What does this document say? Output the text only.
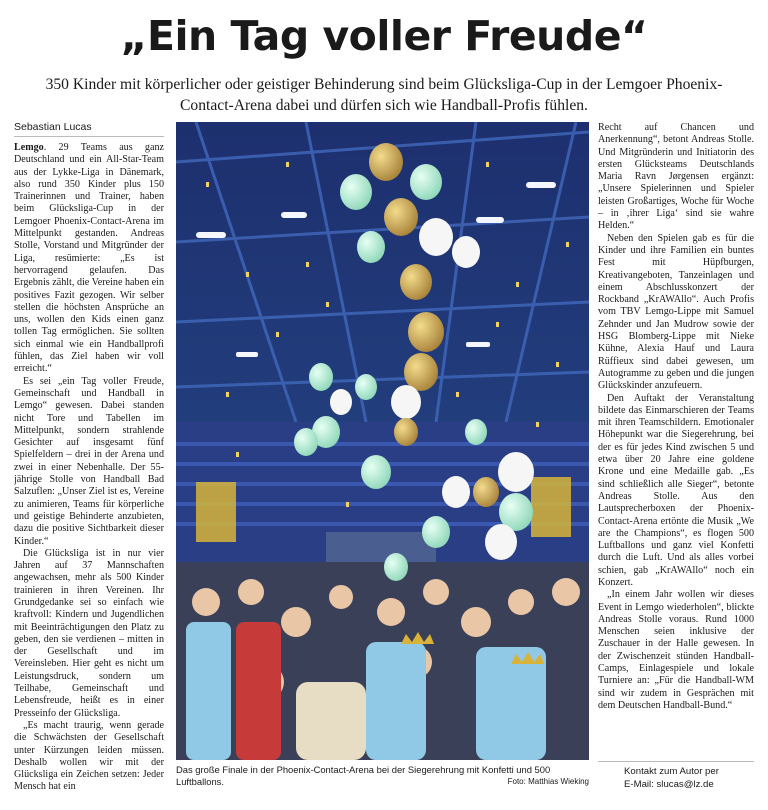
„Ein Tag voller Freude“

350 Kinder mit körperlicher oder geistiger Behinderung sind beim Glücksliga-Cup in der Lemgoer Phoenix-Contact-Arena dabei und dürfen sich wie Handball-Profis fühlen.

Sebastian Lucas

Lemgo. 29 Teams aus ganz Deutschland und ein All-Star-Team aus der Lykke-Liga in Dänemark, also rund 350 Kinder plus 150 Trainerinnen und Trainer, haben beim Glücksliga-Cup in der Lemgoer Phoenix-Contact-Arena im Mittelpunkt gestanden. Andreas Stolle, Vorstand und Mitgründer der Liga, resümierte: „Es ist hervorragend gelaufen. Das Ergebnis zählt, die Vereine haben ein positives Fazit gezogen. Wir selber stellen die höchsten Ansprüche an uns, wollen den Kids einen ganz tollen Tag ermöglichen. Sie sollten sich einmal wie ein Handballprofi fühlen, das Ziel haben wir voll erreicht.“

Es sei „ein Tag voller Freude, Gemeinschaft und Handball in Lemgo“ gewesen. Dabei standen nicht Tore und Tabellen im Mittelpunkt, sondern strahlende Gesichter auf insgesamt fünf Spielfeldern – drei in der Arena und zwei in einer Nebenhalle. Der 55-jährige Stolle von Handball Bad Salzuflen: „Unser Ziel ist es, Vereine zu animieren, Teams für körperliche und geistige Behinderte anzubieten, dazu die positive Sichtbarkeit dieser Kinder.“

Die Glücksliga ist in nur vier Jahren auf 37 Mannschaften angewachsen, mehr als 500 Kinder trainieren in ihren Vereinen. Ihr Grundgedanke sei so einfach wie kraftvoll: Kindern und Jugendlichen mit Beeinträchtigungen den Platz zu geben, den sie verdienen – mitten in der Gesellschaft und im Vereinsleben. Hier geht es nicht um Leistungsdruck, sondern um Teilhabe, Gemeinschaft und Lebensfreude, heißt es in einer Presseinfo der Glücksliga.

„Es macht traurig, wenn gerade die Schwächsten der Gesellschaft unter Kürzungen leiden müssen. Deshalb wollen wir mit der Glücksliga ein Zeichen setzen: Jeder Mensch hat ein

Das große Finale in der Phoenix-Contact-Arena bei der Siegerehrung mit Konfetti und 500 Luftballons.	Foto: Matthias Wieking

Recht auf Chancen und Anerkennung“, betont Andreas Stolle. Und Mitgründerin und Initiatorin des ersten Glücksteams Deutschlands Maria Ravn Jørgensen ergänzt: „Unsere Spielerinnen und Spieler leisten Großartiges, Woche für Woche – in ‚ihrer Liga‘ sind sie wahre Helden.“

Neben den Spielen gab es für die Kinder und ihre Familien ein buntes Fest mit Hüpfburgen, Kreativangeboten, Tanzeinlagen und einem Abschlusskonzert der Rockband „KrAWAllo“. Auch Profis vom TBV Lemgo-Lippe mit Samuel Zehnder und Jan Mudrow sowie der HSG Blomberg-Lippe mit Nieke Kühne, Alexia Hauf und Laura Rüffieux sind dabei gewesen, um Autogramme zu geben und die jungen Glückskinder anzufeuern.

Den Auftakt der Veranstaltung bildete das Einmarschieren der Teams mit ihren Teamschildern. Emotionaler Höhepunkt war die Siegerehrung, bei der es für jedes Kind zwischen 5 und etwa über 20 Jahre eine goldene Krone und eine Medaille gab. „Es sind schließlich alle Sieger“, betonte Andreas Stolle. Aus den Lautsprecherboxen der Phoenix-Contact-Arena ertönte die Musik „We are the Champions“, es flogen 500 Luftballons und ganz viel Konfetti durch die Luft. Und als alles vorbei schien, gab „KrAWAllo“ noch ein Konzert.

„In einem Jahr wollen wir dieses Event in Lemgo wiederholen“, blickte Andreas Stolle voraus. Rund 1000 Menschen seien inklusive der Zuschauer in der Halle gewesen. In der Zwischenzeit stünden Handball-Camps, Einlagespiele und lokale Turniere an: „Für die Handball-WM sind wir zudem in Gesprächen mit dem Deutschen Handball-Bund.“

Kontakt zum Autor per
E-Mail: slucas@lz.de
